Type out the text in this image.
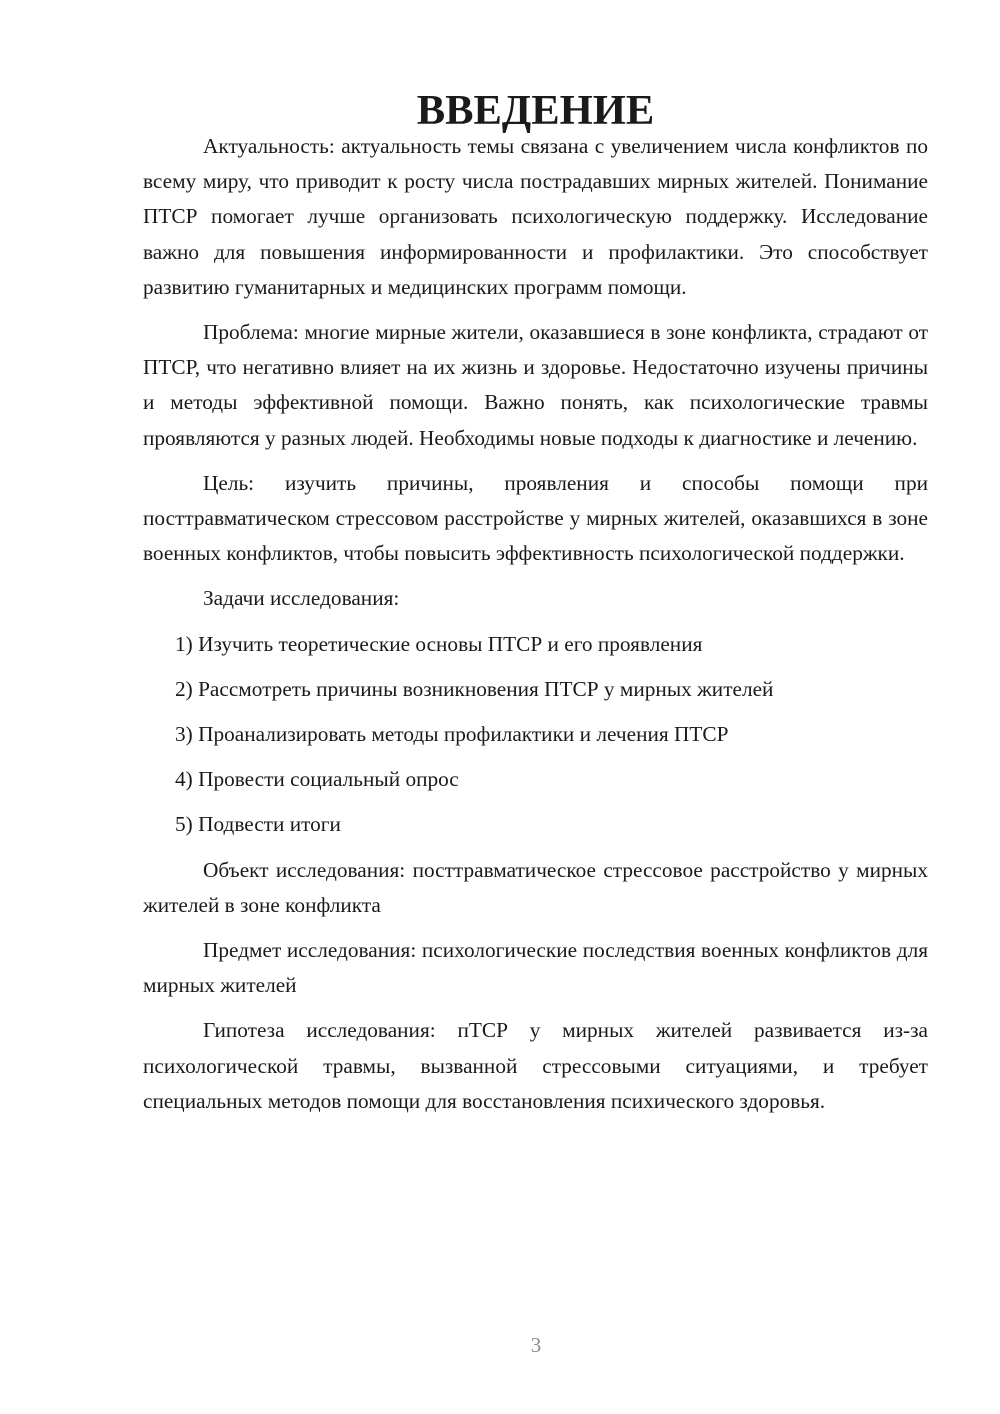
ВВЕДЕНИЕ

Актуальность: актуальность темы связана с увеличением числа конфликтов по всему миру, что приводит к росту числа пострадавших мирных жителей. Понимание ПТСР помогает лучше организовать психологическую поддержку. Исследование важно для повышения информированности и профилактики. Это способствует развитию гуманитарных и медицинских программ помощи.

Проблема: многие мирные жители, оказавшиеся в зоне конфликта, страдают от ПТСР, что негативно влияет на их жизнь и здоровье. Недостаточно изучены причины и методы эффективной помощи. Важно понять, как психологические травмы проявляются у разных людей. Необходимы новые подходы к диагностике и лечению.

Цель: изучить причины, проявления и способы помощи при посттравматическом стрессовом расстройстве у мирных жителей, оказавшихся в зоне военных конфликтов, чтобы повысить эффективность психологической поддержки.

Задачи исследования:

1) Изучить теоретические основы ПТСР и его проявления
2) Рассмотреть причины возникновения ПТСР у мирных жителей
3) Проанализировать методы профилактики и лечения ПТСР
4) Провести социальный опрос
5) Подвести итоги

Объект исследования: посттравматическое стрессовое расстройство у мирных жителей в зоне конфликта

Предмет исследования: психологические последствия военных конфликтов для мирных жителей

Гипотеза исследования: пТСР у мирных жителей развивается из-за психологической травмы, вызванной стрессовыми ситуациями, и требует специальных методов помощи для восстановления психического здоровья.

3
